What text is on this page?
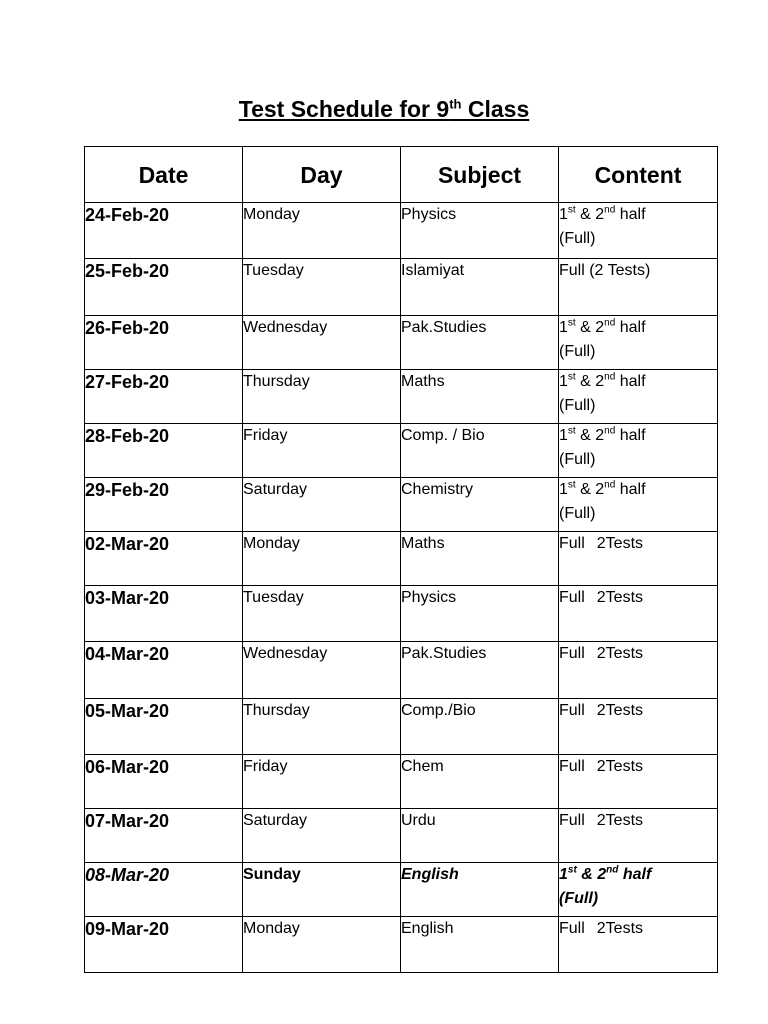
Test Schedule for 9th Class
Date	Day	Subject	Content
24-Feb-20	Monday	Physics	1st & 2nd half
(Full)
25-Feb-20	Tuesday	Islamiyat	Full (2 Tests)
26-Feb-20	Wednesday	Pak.Studies	1st & 2nd half
(Full)
27-Feb-20	Thursday	Maths	1st & 2nd half
(Full)
28-Feb-20	Friday	Comp. / Bio	1st & 2nd half
(Full)
29-Feb-20	Saturday	Chemistry	1st & 2nd half
(Full)
02-Mar-20	Monday	Maths	Full 2Tests
03-Mar-20	Tuesday	Physics	Full 2Tests
04-Mar-20	Wednesday	Pak.Studies	Full 2Tests
05-Mar-20	Thursday	Comp./Bio	Full 2Tests
06-Mar-20	Friday	Chem	Full 2Tests
07-Mar-20	Saturday	Urdu	Full 2Tests
08-Mar-20	Sunday	English	1st & 2nd half
(Full)
09-Mar-20	Monday	English	Full 2Tests
